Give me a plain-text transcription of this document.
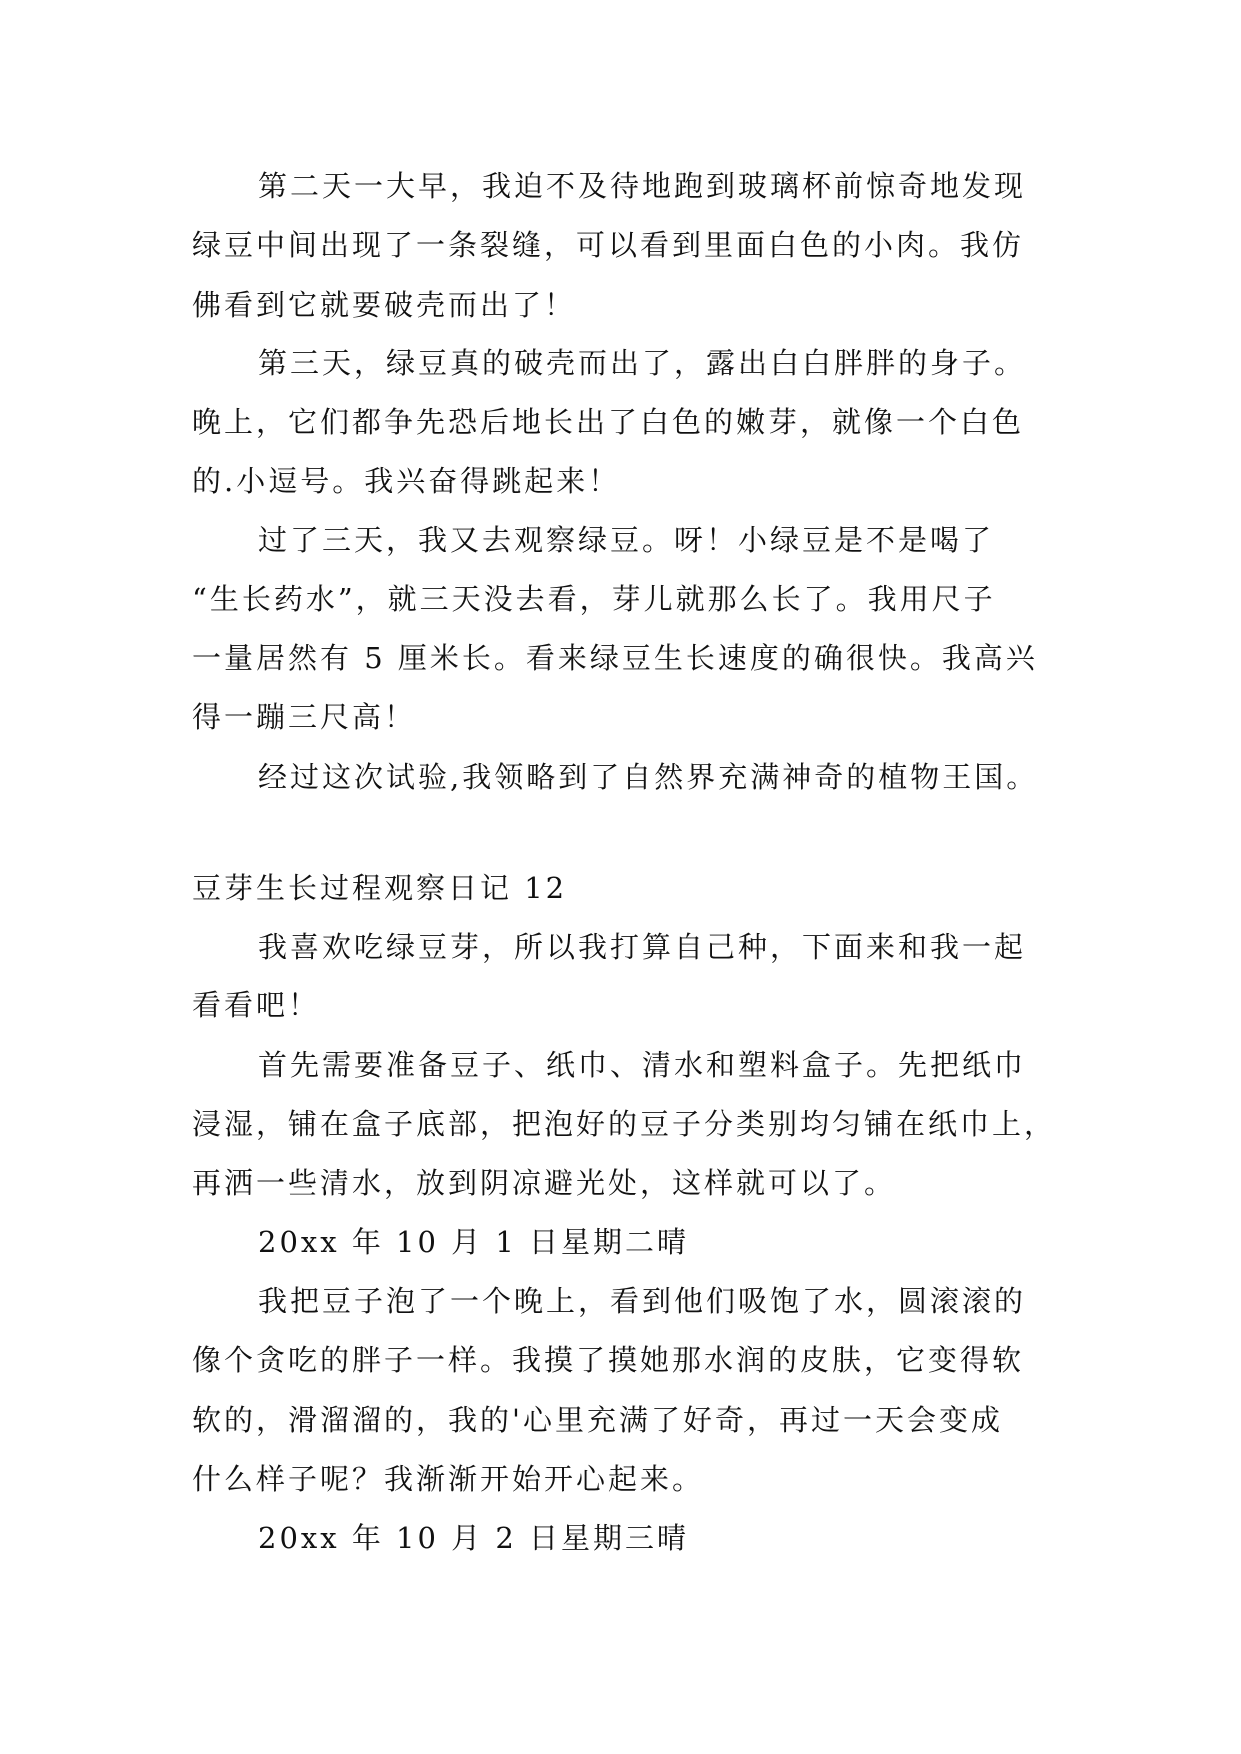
第二天一大早，我迫不及待地跑到玻璃杯前惊奇地发现
绿豆中间出现了一条裂缝，可以看到里面白色的小肉。我仿
佛看到它就要破壳而出了！
第三天，绿豆真的破壳而出了，露出白白胖胖的身子。
晚上，它们都争先恐后地长出了白色的嫩芽，就像一个白色
的.小逗号。我兴奋得跳起来！
过了三天，我又去观察绿豆。呀！小绿豆是不是喝了
“生长药水”，就三天没去看，芽儿就那么长了。我用尺子
一量居然有 5 厘米长。看来绿豆生长速度的确很快。我高兴
得一蹦三尺高！
经过这次试验,我领略到了自然界充满神奇的植物王国。
豆芽生长过程观察日记 12
我喜欢吃绿豆芽，所以我打算自己种，下面来和我一起
看看吧！
首先需要准备豆子、纸巾、清水和塑料盒子。先把纸巾
浸湿，铺在盒子底部，把泡好的豆子分类别均匀铺在纸巾上，
再洒一些清水，放到阴凉避光处，这样就可以了。
20xx 年 10 月 1 日星期二晴
我把豆子泡了一个晚上，看到他们吸饱了水，圆滚滚的
像个贪吃的胖子一样。我摸了摸她那水润的皮肤，它变得软
软的，滑溜溜的，我的'心里充满了好奇，再过一天会变成
什么样子呢？我渐渐开始开心起来。
20xx 年 10 月 2 日星期三晴
